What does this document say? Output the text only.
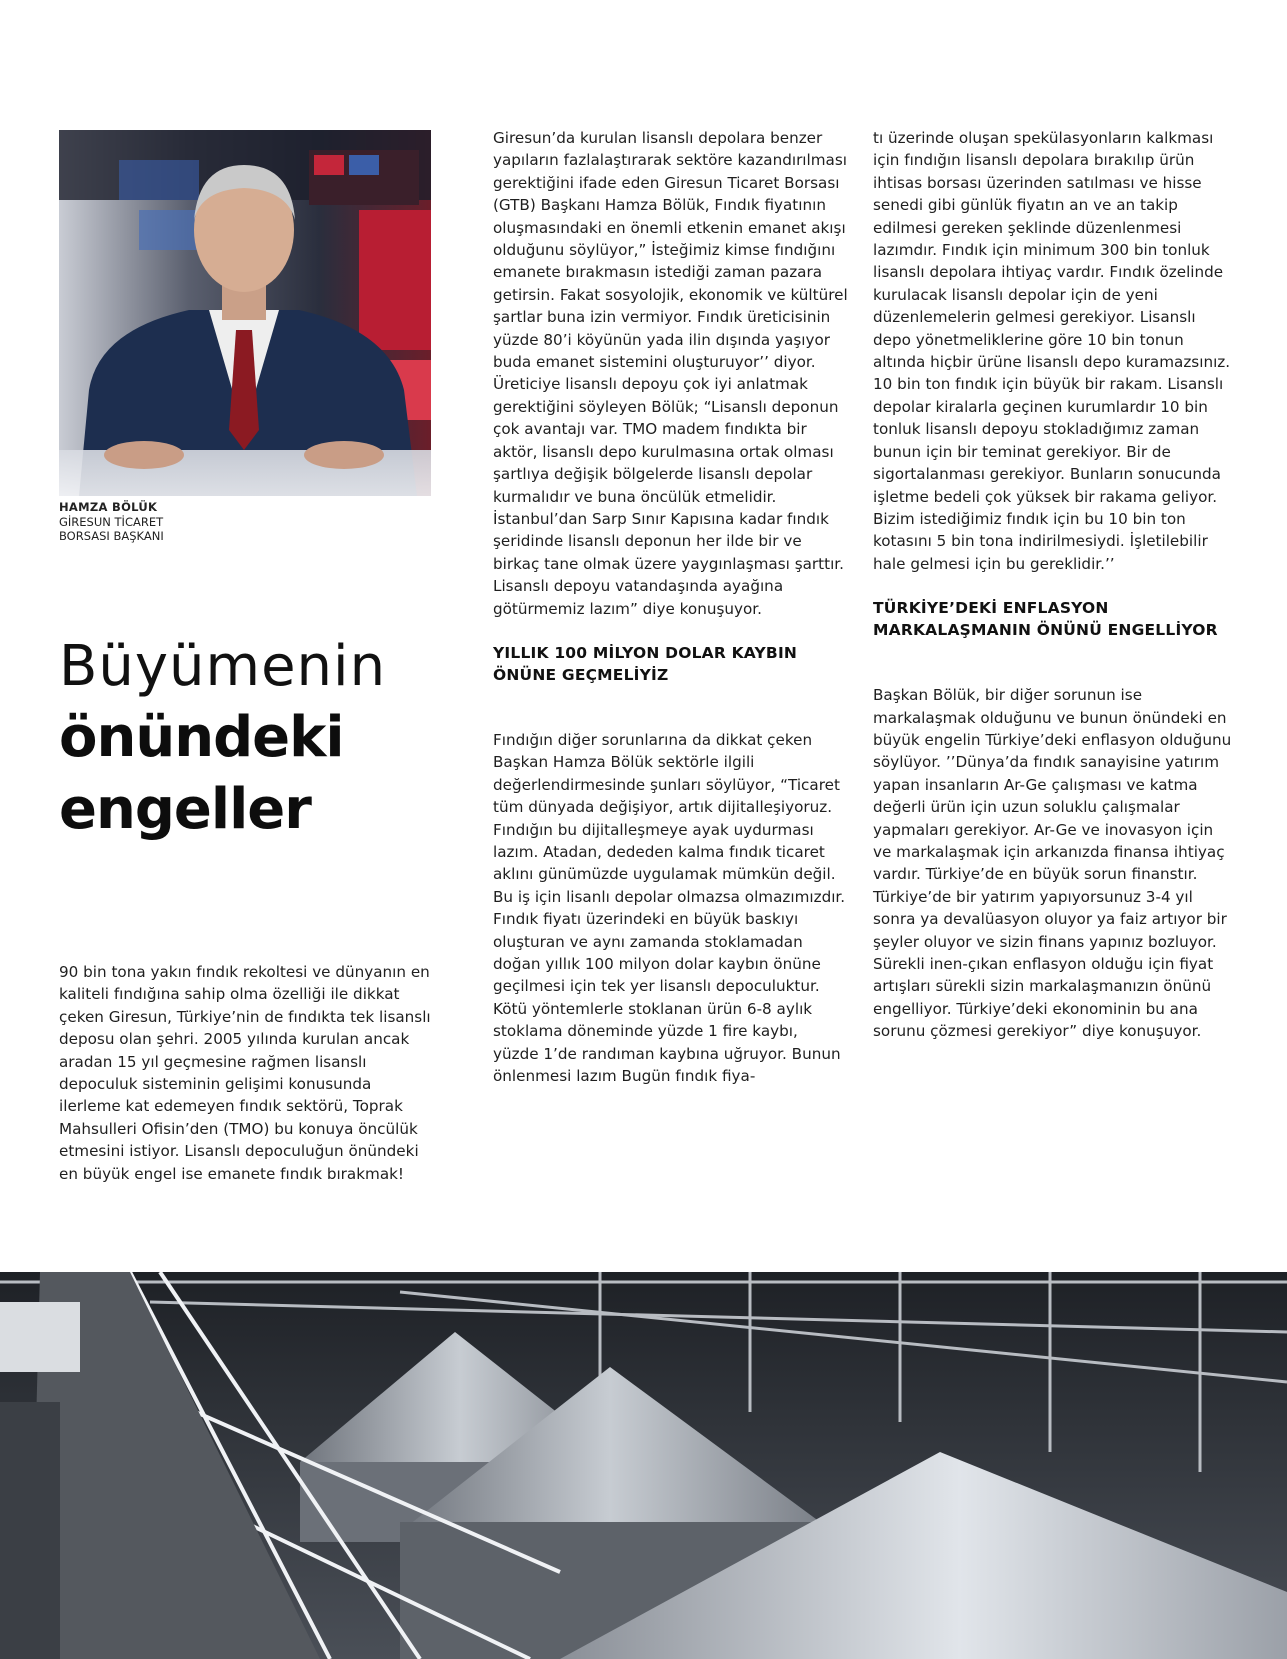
HAMZA BÖLÜK
GİRESUN TİCARET
BORSASI BAŞKANI
Büyümenin
önündeki
engeller

90 bin tona yakın fındık rekoltesi ve dünyanın en kaliteli fındığına sahip olma özelliği ile dikkat çeken Giresun, Türkiye’nin de fındıkta tek lisanslı deposu olan şehri. 2005 yılında kurulan ancak aradan 15 yıl geçmesine rağmen lisanslı depoculuk sisteminin gelişimi konusunda ilerleme kat edemeyen fındık sektörü, Toprak Mahsulleri Ofisin’den (TMO) bu konuya öncülük etmesini istiyor. Lisanslı depoculuğun önündeki en büyük engel ise emanete fındık bırakmak!

Giresun’da kurulan lisanslı depolara benzer yapıların fazlalaştırarak sektöre kazandırılması gerektiğini ifade eden Giresun Ticaret Borsası (GTB) Başkanı Hamza Bölük, Fındık fiyatının oluşmasındaki en önemli etkenin emanet akışı olduğunu söylüyor,” İsteğimiz kimse fındığını emanete bırakmasın istediği zaman pazara getirsin. Fakat sosyolojik, ekonomik ve kültürel şartlar buna izin vermiyor. Fındık üreticisinin yüzde 80’i köyünün yada ilin dışında yaşıyor buda emanet sistemini oluşturuyor’’ diyor. Üreticiye lisanslı depoyu çok iyi anlatmak gerektiğini söyleyen Bölük; “Lisanslı deponun çok avantajı var. TMO madem fındıkta bir aktör, lisanslı depo kurulmasına ortak olması şartlıya değişik bölgelerde lisanslı depolar kurmalıdır ve buna öncülük etmelidir. İstanbul’dan Sarp Sınır Kapısına kadar fındık şeridinde lisanslı deponun her ilde bir ve birkaç tane olmak üzere yaygınlaşması şarttır. Lisanslı depoyu vatandaşında ayağına götürmemiz lazım” diye konuşuyor.

YILLIK 100 MİLYON DOLAR KAYBIN ÖNÜNE GEÇMELİYİZ

Fındığın diğer sorunlarına da dikkat çeken Başkan Hamza Bölük sektörle ilgili değerlendirmesinde şunları söylüyor, “Ticaret tüm dünyada değişiyor, artık dijitalleşiyoruz. Fındığın bu dijitalleşmeye ayak uydurması lazım. Atadan, dededen kalma fındık ticaret aklını günümüzde uygulamak mümkün değil. Bu iş için lisanlı depolar olmazsa olmazımızdır. Fındık fiyatı üzerindeki en büyük baskıyı oluşturan ve aynı zamanda stoklamadan doğan yıllık 100 milyon dolar kaybın önüne geçilmesi için tek yer lisanslı depoculuktur. Kötü yöntemlerle stoklanan ürün 6-8 aylık stoklama döneminde yüzde 1 fire kaybı, yüzde 1’de randıman kaybına uğruyor. Bunun önlenmesi lazım Bugün fındık fiya-

tı üzerinde oluşan spekülasyonların kalkması için fındığın lisanslı depolara bırakılıp ürün ihtisas borsası üzerinden satılması ve hisse senedi gibi günlük fiyatın an ve an takip edilmesi gereken şeklinde düzenlenmesi lazımdır. Fındık için minimum 300 bin tonluk lisanslı depolara ihtiyaç vardır. Fındık özelinde kurulacak lisanslı depolar için de yeni düzenlemelerin gelmesi gerekiyor. Lisanslı depo yönetmeliklerine göre 10 bin tonun altında hiçbir ürüne lisanslı depo kuramazsınız. 10 bin ton fındık için büyük bir rakam. Lisanslı depolar kiralarla geçinen kurumlardır 10 bin tonluk lisanslı depoyu stokladığımız zaman bunun için bir teminat gerekiyor. Bir de sigortalanması gerekiyor. Bunların sonucunda işletme bedeli çok yüksek bir rakama geliyor. Bizim istediğimiz fındık için bu 10 bin ton kotasını 5 bin tona indirilmesiydi. İşletilebilir hale gelmesi için bu gereklidir.’’

TÜRKİYE’DEKİ ENFLASYON MARKALAŞMANIN ÖNÜNÜ ENGELLİYOR

Başkan Bölük, bir diğer sorunun ise markalaşmak olduğunu ve bunun önündeki en büyük engelin Türkiye’deki enflasyon olduğunu söylüyor. ’’Dünya’da fındık sanayisine yatırım yapan insanların Ar-Ge çalışması ve katma değerli ürün için uzun soluklu çalışmalar yapmaları gerekiyor. Ar-Ge ve inovasyon için ve markalaşmak için arkanızda finansa ihtiyaç vardır. Türkiye’de en büyük sorun finanstır. Türkiye’de bir yatırım yapıyorsunuz 3-4 yıl sonra ya devalüasyon oluyor ya faiz artıyor bir şeyler oluyor ve sizin finans yapınız bozluyor. Sürekli inen-çıkan enflasyon olduğu için fiyat artışları sürekli sizin markalaşmanızın önünü engelliyor. Türkiye’deki ekonominin bu ana sorunu çözmesi gerekiyor” diye konuşuyor.
